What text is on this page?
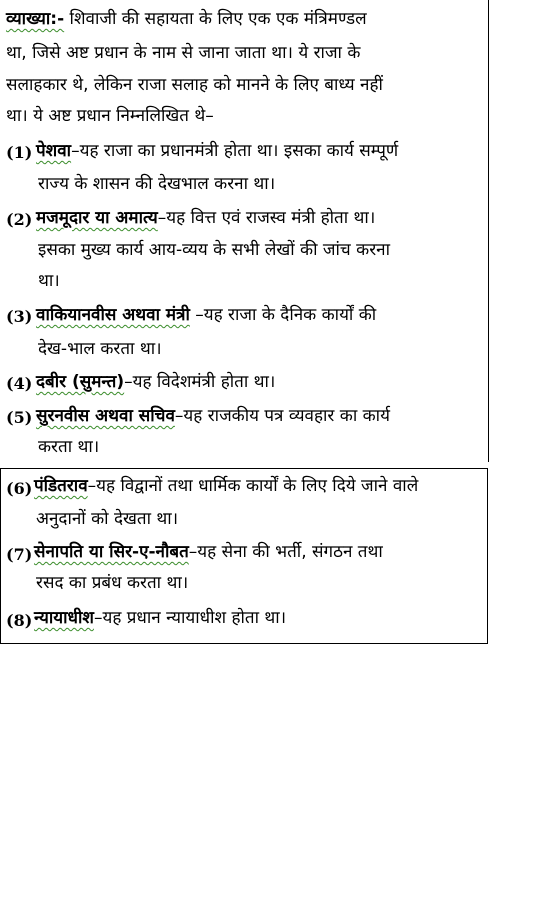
व्याख्या:- शिवाजी की सहायता के लिए एक एक मंत्रिमण्डल
था, जिसे अष्ट प्रधान के नाम से जाना जाता था। ये राजा के
सलाहकार थे, लेकिन राजा सलाह को मानने के लिए बाध्य नहीं
था। ये अष्ट प्रधान निम्नलिखित थे–
(1) पेशवा–यह राजा का प्रधानमंत्री होता था। इसका कार्य सम्पूर्ण
राज्य के शासन की देखभाल करना था।
(2) मजमूदार या अमात्य–यह वित्त एवं राजस्व मंत्री होता था।
इसका मुख्य कार्य आय-व्यय के सभी लेखों की जांच करना
था।
(3) वाकियानवीस अथवा मंत्री –यह राजा के दैनिक कार्यों की
देख-भाल करता था।
(4) दबीर (सुमन्त)–यह विदेशमंत्री होता था।
(5) सुरनवीस अथवा सचिव–यह राजकीय पत्र व्यवहार का कार्य
करता था।
(6) पंडितराव–यह विद्वानों तथा धार्मिक कार्यों के लिए दिये जाने वाले
अनुदानों को देखता था।
(7) सेनापति या सिर-ए-नौबत–यह सेना की भर्ती, संगठन तथा
रसद का प्रबंध करता था।
(8) न्यायाधीश–यह प्रधान न्यायाधीश होता था।
